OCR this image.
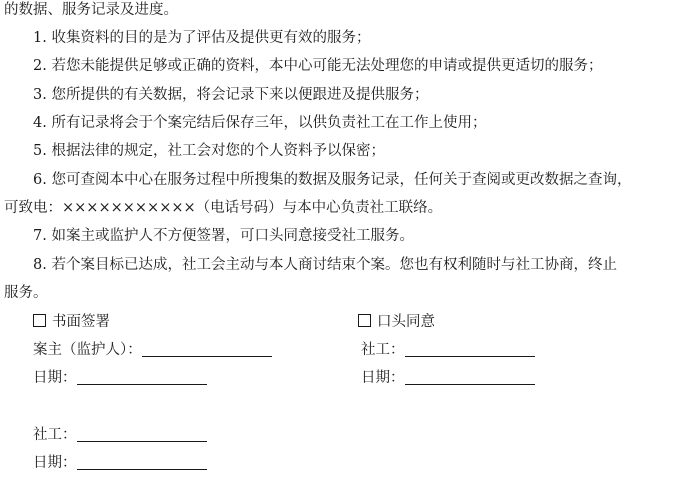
的数据、服务记录及进度。
1. 收集资料的目的是为了评估及提供更有效的服务；
2. 若您未能提供足够或正确的资料，本中心可能无法处理您的申请或提供更适切的服务；
3. 您所提供的有关数据，将会记录下来以便跟进及提供服务；
4. 所有记录将会于个案完结后保存三年，以供负责社工在工作上使用；
5. 根据法律的规定，社工会对您的个人资料予以保密；
6. 您可查阅本中心在服务过程中所搜集的数据及服务记录，任何关于查阅或更改数据之查询，
可致电：×××××××××××（电话号码）与本中心负责社工联络。
7. 如案主或监护人不方便签署，可口头同意接受社工服务。
8. 若个案目标已达成，社工会主动与本人商讨结束个案。您也有权利随时与社工协商，终止
服务。
书面签署	口头同意
案主（监护人）：	社工：
日期：	日期：
社工：
日期：
